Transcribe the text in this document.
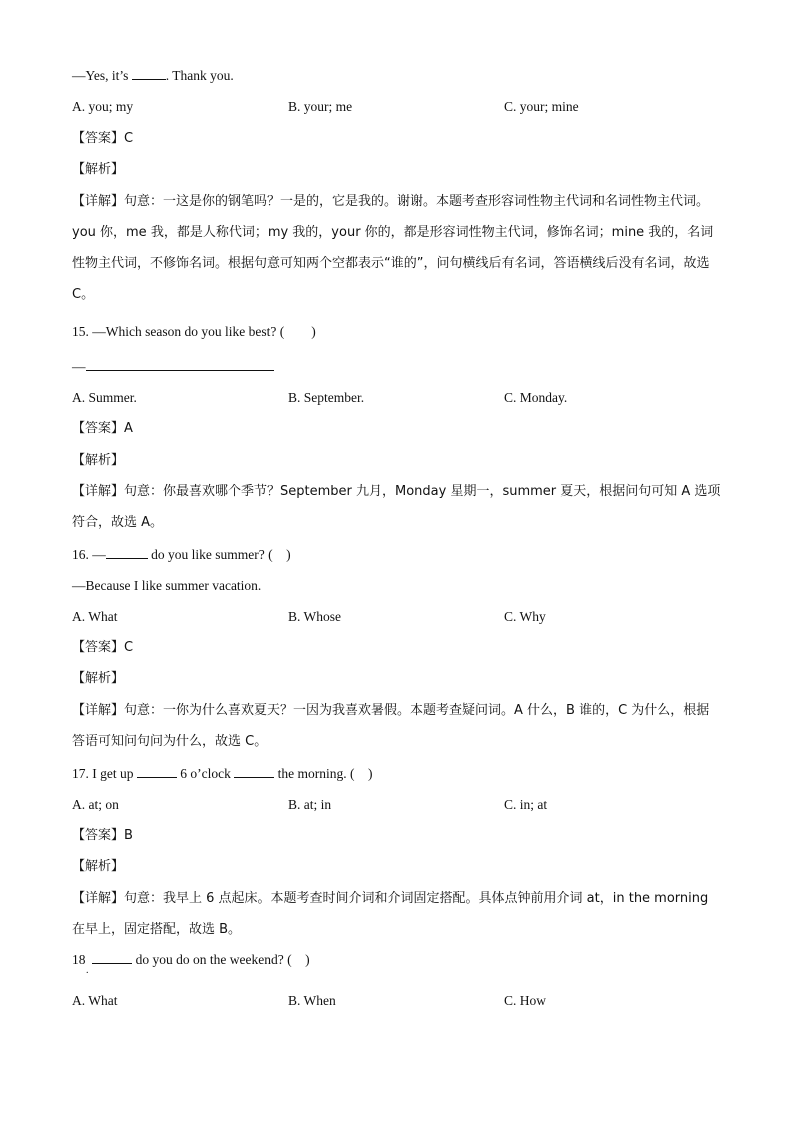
—Yes, it’s	. Thank you.
A. you; my	B. your; me	C. your; mine
【答案】C
【解析】
【详解】句意：一这是你的钢笔吗？一是的，它是我的。谢谢。本题考查形容词性物主代词和名词性物主代词。you 你，me 我，都是人称代词；my 我的，your 你的，都是形容词性物主代词，修饰名词；mine 我的，名词性物主代词，不修饰名词。根据句意可知两个空都表示“谁的”，问句横线后有名词，答语横线后没有名词，故选 C。
15. —Which season do you like best? (　　)
—
A. Summer.	B. September.	C. Monday.
【答案】A
【解析】
【详解】句意：你最喜欢哪个季节？September 九月，Monday 星期一，summer 夏天，根据问句可知 A 选项符合，故选 A。
16. —	do you like summer? (　)
—Because I like summer vacation.
A. What	B. Whose	C. Why
【答案】C
【解析】
【详解】句意：一你为什么喜欢夏天？一因为我喜欢暑假。本题考查疑问词。A 什么，B 谁的，C 为什么，根据答语可知问句问为什么，故选 C。
17. I get up	6 o’clock	the morning. (　)
A. at; on	B. at; in	C. in; at
【答案】B
【解析】
【详解】句意：我早上 6 点起床。本题考查时间介词和介词固定搭配。具体点钟前用介词 at，in the morning 在早上，固定搭配，故选 B。
18	do you do on the weekend? (　)
.
A. What	B. When	C. How
